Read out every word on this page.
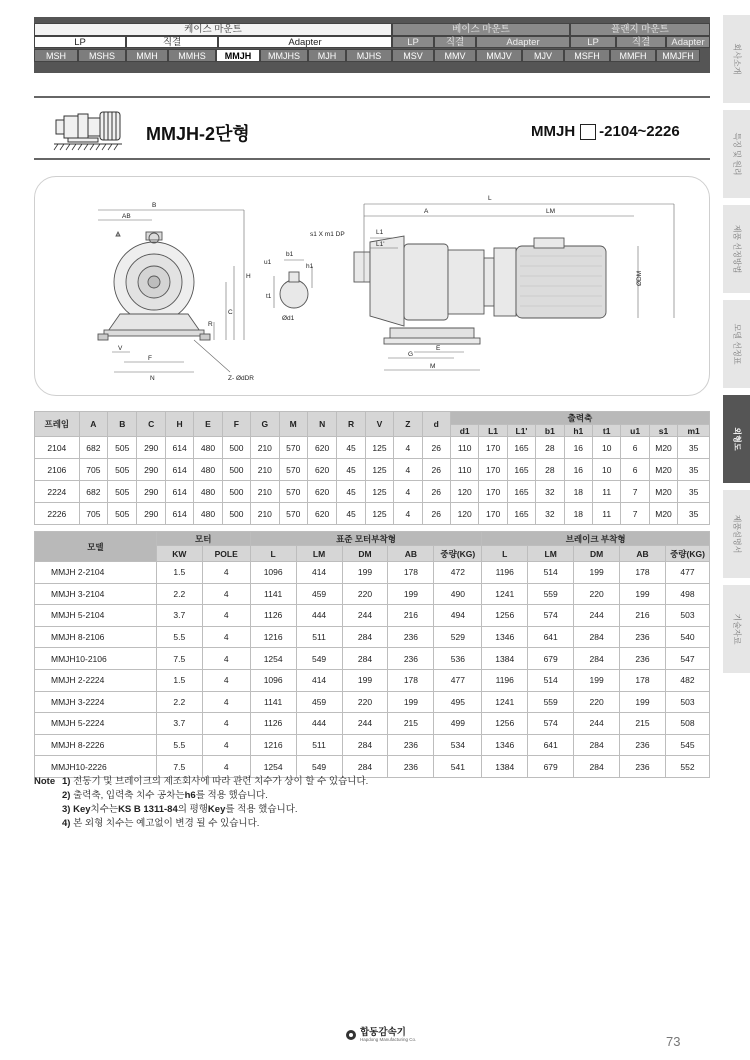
케이스 마운트	베이스 마운트	플랜지 마운트
LP	직결	Adapter	LP	직결	Adapter	LP	직결	Adapter
MSH	MSHS	MMH	MMHS	MMJH	MMJHS	MJH	MJHS	MSV	MMV	MMJV	MJV	MSFH	MMFH	MMJFH	회사소개
특징 및 원리
제품 선정방법
모델 선정표
외형도
제품설명서
기술자료
MMJH-2단형	MMJH -2104~2226
B
AB
H
C
R
F
N
V
Z- ØdDR
u1
b1
h1
t1
Ød1
s1 X m1 DP	L1
L1'
L
A	LM
ØDM
G
E
M
프레임	A	B	C	H	E	F	G	M	N	R	V	Z	d	출력축								
														d1	L1	L1'	b1	h1	t1	u1	s1	m1
2104	682	505	290	614	480	500	210	570	620	45	125	4	26	110	170	165	28	16	10	6	M20	35
2106	705	505	290	614	480	500	210	570	620	45	125	4	26	110	170	165	28	16	10	6	M20	35
2224	682	505	290	614	480	500	210	570	620	45	125	4	26	120	170	165	32	18	11	7	M20	35
2226	705	505	290	614	480	500	210	570	620	45	125	4	26	120	170	165	32	18	11	7	M20	35
모델	모터		표준 모터부착형					브레이크 부착형				
	KW	POLE	L	LM	DM	AB	중량(KG)	L	LM	DM	AB	중량(KG)
MMJH 2-2104	1.5	4	1096	414	199	178	472	1196	514	199	178	477
MMJH 3-2104	2.2	4	1141	459	220	199	490	1241	559	220	199	498
MMJH 5-2104	3.7	4	1126	444	244	216	494	1256	574	244	216	503
MMJH 8-2106	5.5	4	1216	511	284	236	529	1346	641	284	236	540
MMJH10-2106	7.5	4	1254	549	284	236	536	1384	679	284	236	547
MMJH 2-2224	1.5	4	1096	414	199	178	477	1196	514	199	178	482
MMJH 3-2224	2.2	4	1141	459	220	199	495	1241	559	220	199	503
MMJH 5-2224	3.7	4	1126	444	244	215	499	1256	574	244	215	508
MMJH 8-2226	5.5	4	1216	511	284	236	534	1346	641	284	236	545
MMJH10-2226	7.5	4	1254	549	284	236	541	1384	679	284	236	552
Note 1)
전동기 및 브레이크의 제조회사에 따라 관련 치수가 상이 할 수 있습니다.
2)
출력축, 입력축 치수 공차는 h6 를 적용 했습니다.
3)
Key 치수는 KS B 1311-84 의 평행 Key 를 적용 했습니다.
4)
본 외형 치수는 예고없이 변경 될 수 있습니다.
합동감속기
Hapdong Manufacturing Co.	73
